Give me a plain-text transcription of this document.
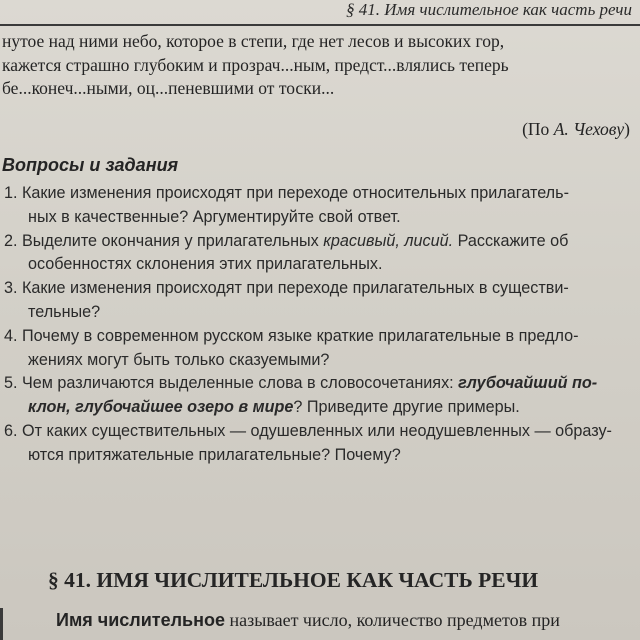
§ 41. Имя числительное как часть речи
нутое над ними небо, которое в степи, где нет лесов и высоких гор,
кажется страшно глубоким и прозрач...ным, предст...влялись теперь
бе...конеч...ными, оц...пеневшими от тоски...
(По А. Чехову)
Вопросы и задания
1. Какие изменения происходят при переходе относительных прилагатель-
ных в качественные? Аргументируйте свой ответ.
2. Выделите окончания у прилагательных красивый, лисий. Расскажите об
особенностях склонения этих прилагательных.
3. Какие изменения происходят при переходе прилагательных в существи-
тельные?
4. Почему в современном русском языке краткие прилагательные в предло-
жениях могут быть только сказуемыми?
5. Чем различаются выделенные слова в словосочетаниях: глубочайший по-
клон, глубочайшее озеро в мире? Приведите другие примеры.
6. От каких существительных — одушевленных или неодушевленных — образу-
ются притяжательные прилагательные? Почему?
§ 41. ИМЯ ЧИСЛИТЕЛЬНОЕ КАК ЧАСТЬ РЕЧИ
Имя числительное называет число, количество предметов при
